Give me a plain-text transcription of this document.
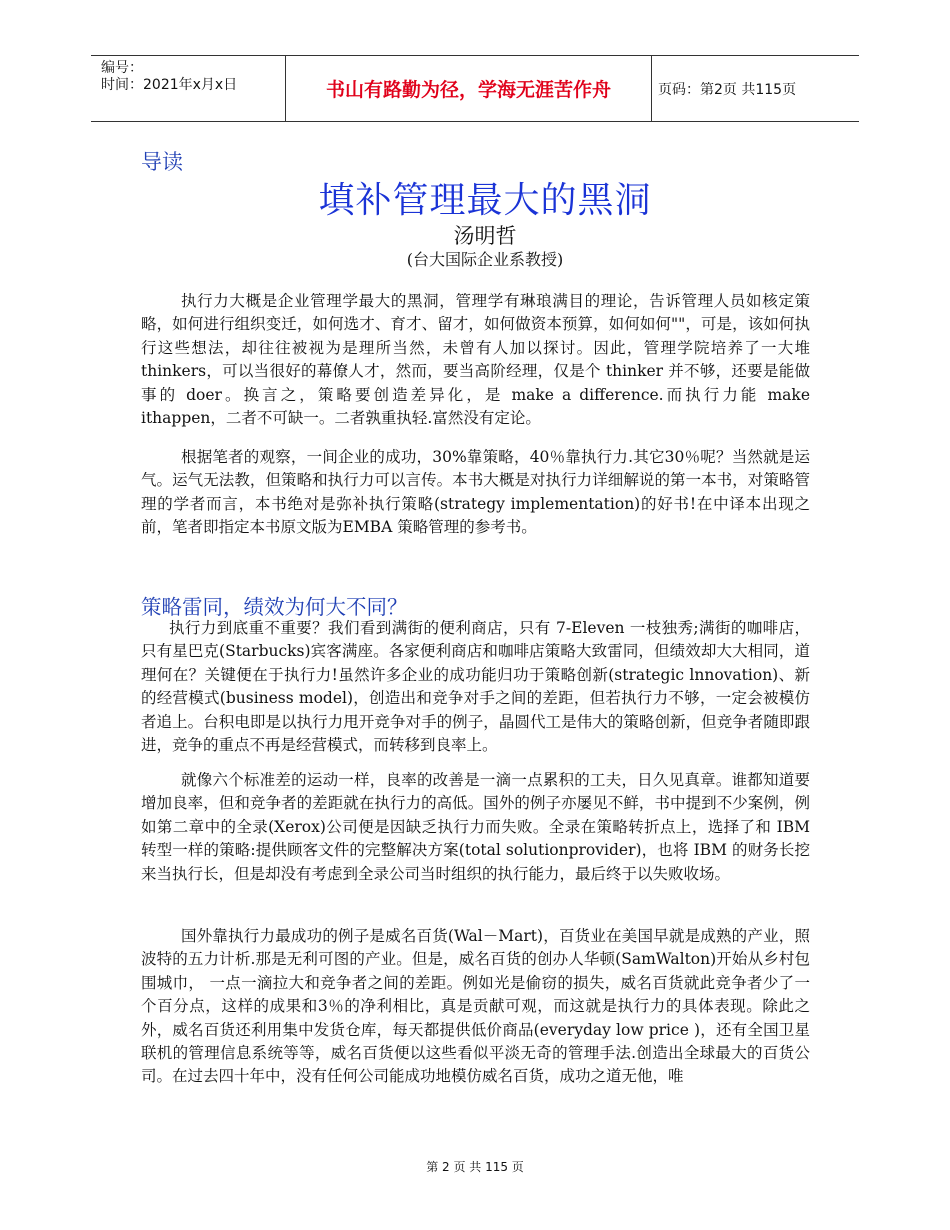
编号：
时间：2021年x月x日	书山有路勤为径，学海无涯苦作舟	页码：第2页 共115页
导读
填补管理最大的黑洞
汤明哲
(台大国际企业系教授)

执行力大概是企业管理学最大的黑洞，管理学有琳琅满目的理论，告诉管理人员如核定策略，如何进行组织变迁，如何选才、育才、留才，如何做资本预算，如何如何""，可是，该如何执行这些想法，却往往被视为是理所当然，未曾有人加以探讨。因此，管理学院培养了一大堆 thinkers，可以当很好的幕僚人才，然而，要当高阶经理，仅是个 thinker 并不够，还要是能做事的 doer。换言之，策略要创造差异化，是 make a difference.而执行力能 make ithappen，二者不可缺一。二者孰重执轻.富然没有定论。

根据笔者的观察，一间企业的成功，30%靠策略，40％靠执行力.其它30％呢？当然就是运气。运气无法教，但策略和执行力可以言传。本书大概是对执行力详细解说的第一本书，对策略管理的学者而言，本书绝对是弥补执行策略(strategy implementation)的好书!在中译本出现之前，笔者即指定本书原文版为EMBA 策略管理的参考书。

策略雷同，绩效为何大不同？

执行力到底重不重要？我们看到满街的便利商店，只有 7-Eleven 一枝独秀;满街的咖啡店，只有星巴克(Starbucks)宾客满座。各家便利商店和咖啡店策略大致雷同，但绩效却大大相同，道理何在？关键便在于执行力!虽然许多企业的成功能归功于策略创新(strategic lnnovation)、新的经营模式(business model)，创造出和竞争对手之间的差距，但若执行力不够，一定会被模仿者追上。台积电即是以执行力甩开竞争对手的例子，晶圆代工是伟大的策略创新，但竞争者随即跟进，竞争的重点不再是经营模式，而转移到良率上。

就像六个标准差的运动一样，良率的改善是一滴一点累积的工夫，日久见真章。谁都知道要增加良率，但和竞争者的差距就在执行力的高低。国外的例子亦屡见不鲜，书中提到不少案例，例如第二章中的全录(Xerox)公司便是因缺乏执行力而失败。全录在策略转折点上，选择了和 IBM 转型一样的策略:提供顾客文件的完整解决方案(total solutionprovider)，也将 IBM 的财务长挖来当执行长，但是却没有考虑到全录公司当时组织的执行能力，最后终于以失败收场。

国外靠执行力最成功的例子是威名百货(Wal－Mart)，百货业在美国早就是成熟的产业，照波特的五力计析.那是无利可图的产业。但是，威名百货的创办人华顿(SamWalton)开始从乡村包围城巾， 一点一滴拉大和竞争者之间的差距。例如光是偷窃的损失，威名百货就此竞争者少了一个百分点，这样的成果和3％的净利相比，真是贡献可观，而这就是执行力的具体表现。除此之外，威名百货还利用集中发货仓库，每天都提供低价商品(everyday low price )，还有全国卫星联机的管理信息系统等等，威名百货便以这些看似平淡无奇的管理手法.创造出全球最大的百货公司。在过去四十年中，没有任何公司能成功地模仿威名百货，成功之道无他，唯

第 2 页 共 115 页
